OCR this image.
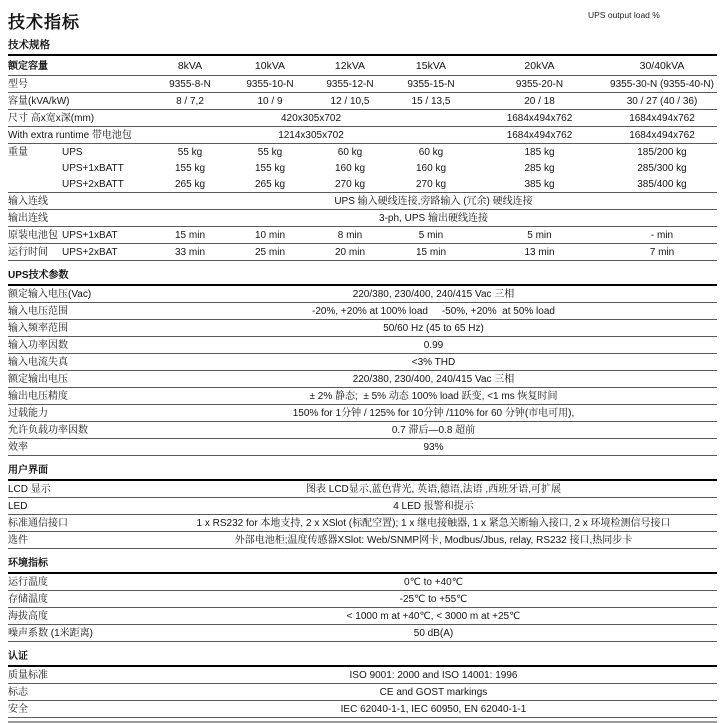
技术指标	UPS output load %
技术规格
额定容量	8kVA	10kVA	12kVA	15kVA	20kVA	30/40kVA
型号	9355-8-N	9355-10-N	9355-12-N	9355-15-N	9355-20-N	9355-30-N (9355-40-N)
容量(kVA/kW)	8 / 7,2	10 / 9	12 / 10,5	15 / 13,5	20 / 18	30 / 27 (40 / 36)
尺寸 高x宽x深(mm)	420x305x702				1684x494x762	1684x494x762
With extra runtime 带电池包	1214x305x702				1684x494x762	1684x494x762
重量 UPS	55 kg	55 kg	60 kg	60 kg	185 kg	185/200 kg
UPS+1xBATT	155 kg	155 kg	160 kg	160 kg	285 kg	285/300 kg
UPS+2xBATT	265 kg	265 kg	270 kg	270 kg	385 kg	385/400 kg
输入连线	UPS 输入硬线连接,旁路输入 (冗余) 硬线连接					
输出连线	3-ph, UPS 输出硬线连接					
原装电池包 UPS+1xBAT	15 min	10 min	8 min	5 min	5 min	- min
运行时间 UPS+2xBAT	33 min	25 min	20 min	15 min	13 min	7 min
UPS技术参数						
额定输入电压(Vac)	220/380, 230/400, 240/415 Vac 三相					
输入电压范围	-20%, +20% at 100% load     -50%, +20%  at 50% load					
输入频率范围	50/60 Hz (45 to 65 Hz)					
输入功率因数	0.99					
输入电流失真	<3% THD					
额定输出电压	220/380, 230/400, 240/415 Vac 三相					
输出电压精度	± 2% 静态;  ± 5% 动态 100% load 跃变, <1 ms 恢复时间					
过载能力	150% for 1分钟 / 125% for 10分钟 /110% for 60 分钟(市电可用),					
允许负载功率因数	0.7 滞后—0.8 超前					
效率	93%					
用户界面						
LCD 显示	图表 LCD显示,蓝色背光, 英语,德语,法语 ,西班牙语,可扩展					
LED	4 LED 报警和提示					
标准通信接口	1 x RS232 for 本地支持, 2 x XSlot (标配空置); 1 x 继电接触器, 1 x 紧急关断输入接口, 2 x 环境检测信号接口					
选件	外部电池柜;温度传感器XSlot: Web/SNMP网卡, Modbus/Jbus, relay, RS232 接口,热同步卡					
环境指标						
运行温度	0℃ to +40℃					
存储温度	-25℃ to +55℃					
海拔高度	< 1000 m at +40℃, < 3000 m at +25℃					
噪声系数 (1米距离)	50 dB(A)					
认证						
质量标准	ISO 9001: 2000 and ISO 14001: 1996					
标志	CE and GOST markings					
安全	IEC 62040-1-1, IEC 60950, EN 62040-1-1					
